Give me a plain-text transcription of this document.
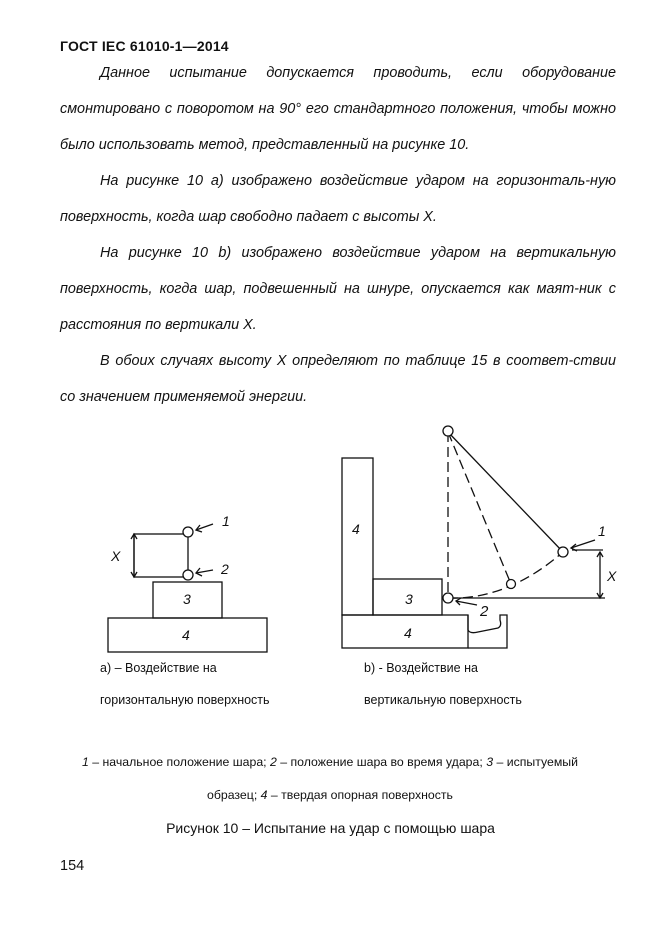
ГОСТ IEC 61010-1—2014

Данное испытание допускается проводить, если оборудование смонтировано с поворотом на 90° его стандартного положения, чтобы можно было использовать метод, представленный на рисунке 10.

На рисунке 10 а) изображено воздействие ударом на горизонталь-ную поверхность, когда шар свободно падает с высоты X.

На рисунке 10 b) изображено воздействие ударом на вертикальную поверхность, когда шар, подвешенный на шнуре, опускается как маят-ник с расстояния по вертикали X.

В обоих случаях высоту X определяют по таблице 15 в соответ-ствии со значением применяемой энергии.

X
1
2
3
4
4
3
4
1
2
X
а) – Воздействие на
горизонтальную поверхность
b) - Воздействие на
вертикальную поверхность
1 – начальное положение шара; 2 – положение шара во время удара; 3 – испытуемый
образец; 4 – твердая опорная поверхность
Рисунок 10 – Испытание на удар с помощью шара
154
